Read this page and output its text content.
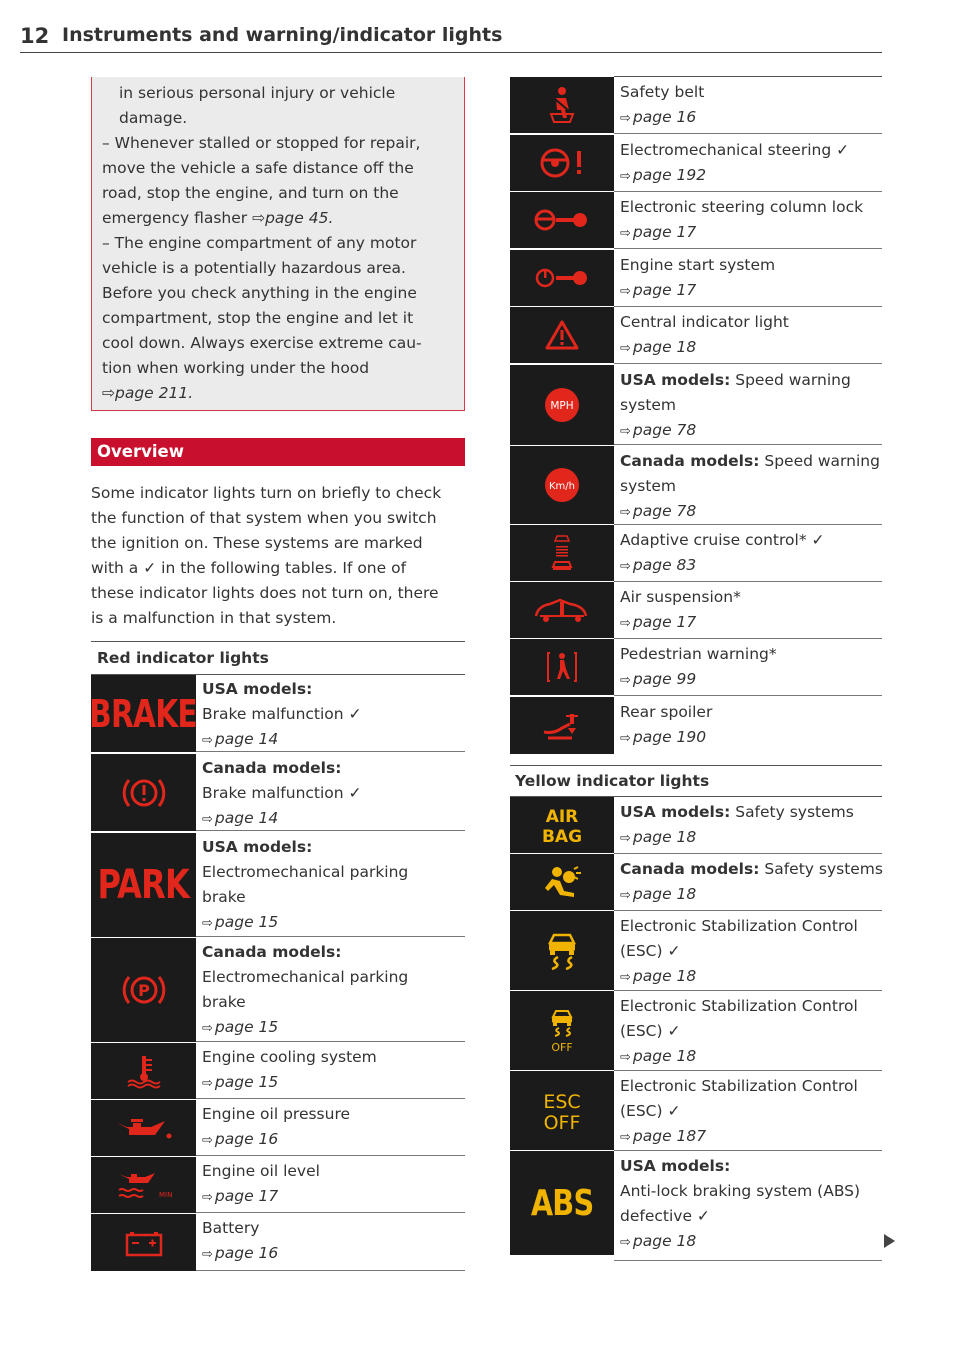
12 Instruments and warning/indicator lights
in serious personal injury or vehicle
damage.
– Whenever stalled or stopped for repair,
move the vehicle a safe distance off the
road, stop the engine, and turn on the
emergency flasher ⇨page 45.
– The engine compartment of any motor
vehicle is a potentially hazardous area.
Before you check anything in the engine
compartment, stop the engine and let it
cool down. Always exercise extreme cau-
tion when working under the hood
⇨page 211.
Overview
Some indicator lights turn on briefly to check
the function of that system when you switch
the ignition on. These systems are marked
with a ✓ in the following tables. If one of
these indicator lights does not turn on, there
is a malfunction in that system.
Red indicator lights
BRAKE
USA models:
Brake malfunction ✓
⇨ page 14
Canada models:
Brake malfunction ✓
⇨ page 14
PARK
USA models:
Electromechanical parking
brake
⇨ page 15
P
Canada models:
Electromechanical parking
brake
⇨ page 15
Engine cooling system
⇨ page 15
Engine oil pressure
⇨ page 16
MIN
Engine oil level
⇨ page 17
Battery
⇨ page 16
Safety belt
⇨ page 16
Electromechanical steering ✓
⇨ page 192
Electronic steering column lock
⇨ page 17
Engine start system
⇨ page 17
Central indicator light
⇨ page 18
MPH
USA models: Speed warning
system
⇨ page 78
Km/h
Canada models: Speed warning
system
⇨ page 78
Adaptive cruise control* ✓
⇨ page 83
Air suspension*
⇨ page 17
Pedestrian warning*
⇨ page 99
Rear spoiler
⇨ page 190
Yellow indicator lights
AIR
BAG
USA models: Safety systems
⇨ page 18
Canada models: Safety systems
⇨ page 18
Electronic Stabilization Control
(ESC) ✓
⇨ page 18
OFF
Electronic Stabilization Control
(ESC) ✓
⇨ page 18
ESC
OFF
Electronic Stabilization Control
(ESC) ✓
⇨ page 187
ABS
USA models:
Anti-lock braking system (ABS)
defective ✓
⇨ page 18
